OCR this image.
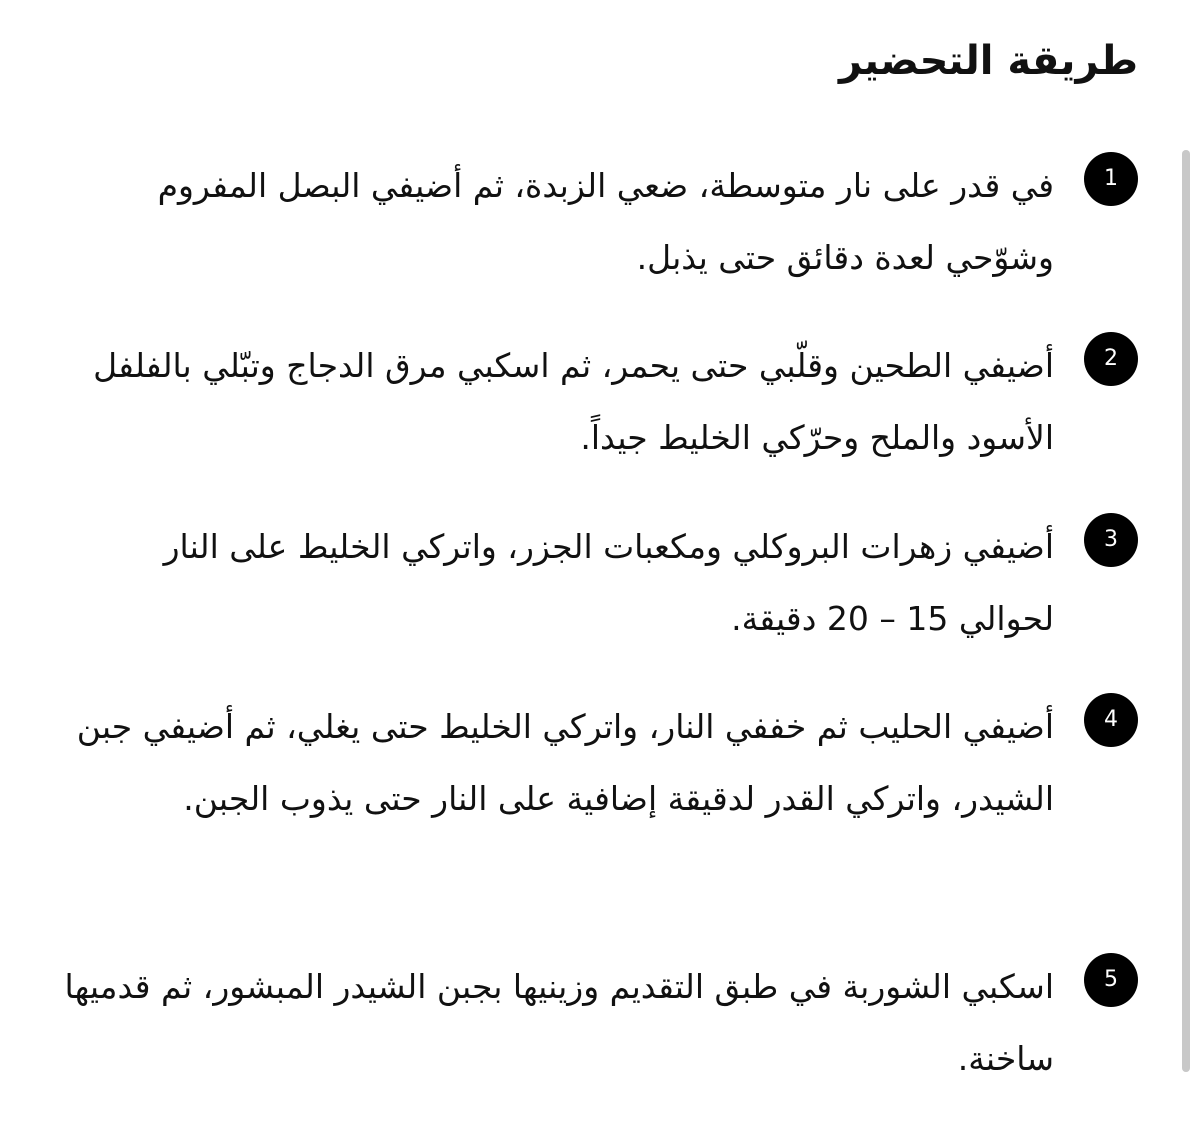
طريقة التحضير
1

في قدر على نار متوسطة، ضعي الزبدة، ثم أضيفي البصل المفروم وشوّحي لعدة دقائق حتى يذبل.

2

أضيفي الطحين وقلّبي حتى يحمر، ثم اسكبي مرق الدجاج وتبّلي بالفلفل الأسود والملح وحرّكي الخليط جيداً.

3

أضيفي زهرات البروكلي ومكعبات الجزر، واتركي الخليط على النار لحوالي 15 – 20 دقيقة.

4

أضيفي الحليب ثم خففي النار، واتركي الخليط حتى يغلي، ثم أضيفي جبن الشيدر، واتركي القدر لدقيقة إضافية على النار حتى يذوب الجبن.

5

اسكبي الشوربة في طبق التقديم وزينيها بجبن الشيدر المبشور، ثم قدميها ساخنة.
